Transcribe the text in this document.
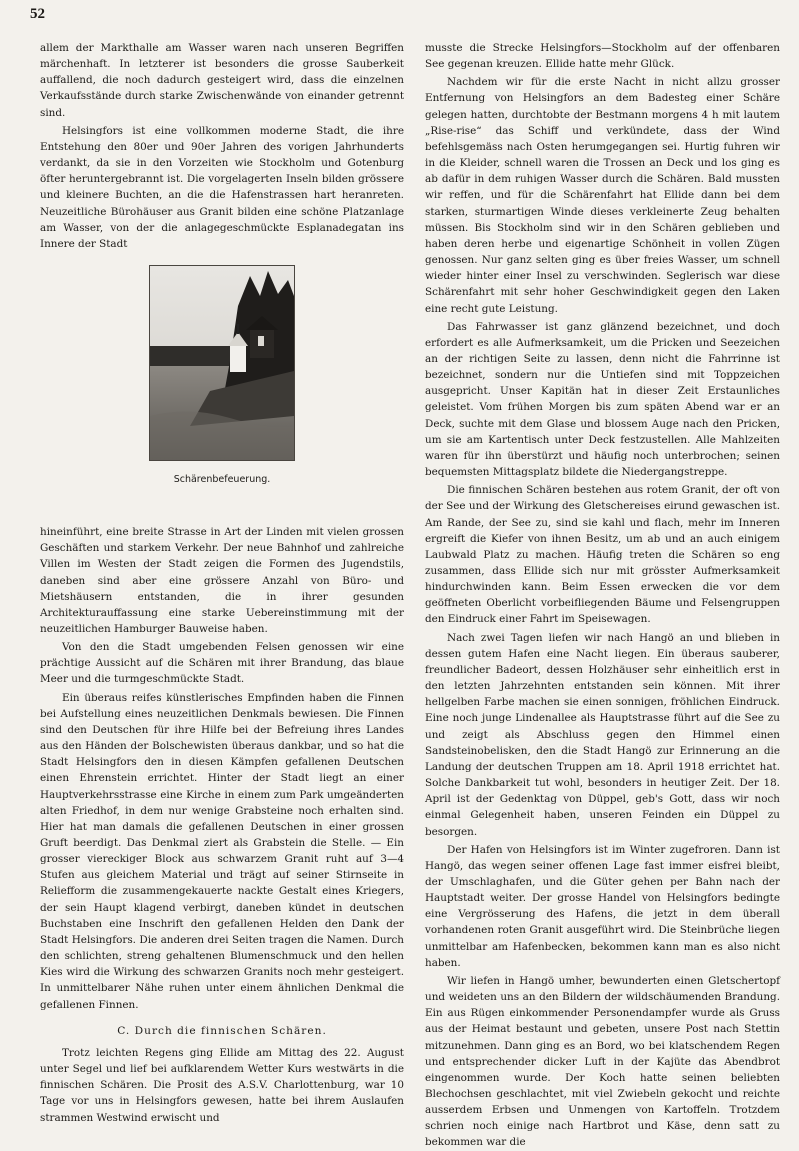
52

allem der Markthalle am Wasser waren nach unseren Begriffen märchenhaft. In letzterer ist besonders die grosse Sauberkeit auffallend, die noch dadurch gesteigert wird, dass die einzelnen Verkaufsstände durch starke Zwischenwände von einander getrennt sind.

Helsingfors ist eine vollkommen moderne Stadt, die ihre Entstehung den 80er und 90er Jahren des vorigen Jahrhunderts verdankt, da sie in den Vorzeiten wie Stockholm und Gotenburg öfter heruntergebrannt ist. Die vorgelagerten Inseln bilden grössere und kleinere Buchten, an die die Hafenstrassen hart heranreten. Neuzeitliche Bürohäuser aus Granit bilden eine schöne Platzanlage am Wasser, von der die anlagegeschmückte Esplanadegatan ins Innere der Stadt

Schärenbefeuerung.

hineinführt, eine breite Strasse in Art der Linden mit vielen grossen Geschäften und starkem Verkehr. Der neue Bahnhof und zahlreiche Villen im Westen der Stadt zeigen die Formen des Jugendstils, daneben sind aber eine grössere Anzahl von Büro- und Mietshäusern entstanden, die in ihrer gesunden Architekturauffassung eine starke Uebereinstimmung mit der neuzeitlichen Hamburger Bauweise haben.

Von den die Stadt umgebenden Felsen genossen wir eine prächtige Aussicht auf die Schären mit ihrer Brandung, das blaue Meer und die turmgeschmückte Stadt.

Ein überaus reifes künstlerisches Empfinden haben die Finnen bei Aufstellung eines neuzeitlichen Denkmals bewiesen. Die Finnen sind den Deutschen für ihre Hilfe bei der Befreiung ihres Landes aus den Händen der Bolschewisten überaus dankbar, und so hat die Stadt Helsingfors den in diesen Kämpfen gefallenen Deutschen einen Ehrenstein errichtet. Hinter der Stadt liegt an einer Hauptverkehrsstrasse eine Kirche in einem zum Park umgeänderten alten Friedhof, in dem nur wenige Grabsteine noch erhalten sind. Hier hat man damals die gefallenen Deutschen in einer grossen Gruft beerdigt. Das Denkmal ziert als Grabstein die Stelle. — Ein grosser viereckiger Block aus schwarzem Granit ruht auf 3—4 Stufen aus gleichem Material und trägt auf seiner Stirnseite in Reliefform die zusammengekauerte nackte Gestalt eines Kriegers, der sein Haupt klagend verbirgt, daneben kündet in deutschen Buchstaben eine Inschrift den gefallenen Helden den Dank der Stadt Helsingfors. Die anderen drei Seiten tragen die Namen. Durch den schlichten, streng gehaltenen Blumenschmuck und den hellen Kies wird die Wirkung des schwarzen Granits noch mehr gesteigert. In unmittelbarer Nähe ruhen unter einem ähnlichen Denkmal die gefallenen Finnen.

C. Durch die finnischen Schären.

Trotz leichten Regens ging Ellide am Mittag des 22. August unter Segel und lief bei aufklarendem Wetter Kurs westwärts in die finnischen Schären. Die Prosit des A.S.V. Charlottenburg, war 10 Tage vor uns in Helsingfors gewesen, hatte bei ihrem Auslaufen strammen Westwind erwischt und

musste die Strecke Helsingfors—Stockholm auf der offenbaren See gegenan kreuzen. Ellide hatte mehr Glück.

Nachdem wir für die erste Nacht in nicht allzu grosser Entfernung von Helsingfors an dem Badesteg einer Schäre gelegen hatten, durchtobte der Bestmann morgens 4 h mit lautem „Rise-rise“ das Schiff und verkündete, dass der Wind befehlsgemäss nach Osten herumgegangen sei. Hurtig fuhren wir in die Kleider, schnell waren die Trossen an Deck und los ging es ab dafür in dem ruhigen Wasser durch die Schären. Bald mussten wir reffen, und für die Schärenfahrt hat Ellide dann bei dem starken, sturmartigen Winde dieses verkleinerte Zeug behalten müssen. Bis Stockholm sind wir in den Schären geblieben und haben deren herbe und eigenartige Schönheit in vollen Zügen genossen. Nur ganz selten ging es über freies Wasser, um schnell wieder hinter einer Insel zu verschwinden. Seglerisch war diese Schärenfahrt mit sehr hoher Geschwindigkeit gegen den Laken eine recht gute Leistung.

Das Fahrwasser ist ganz glänzend bezeichnet, und doch erfordert es alle Aufmerksamkeit, um die Pricken und Seezeichen an der richtigen Seite zu lassen, denn nicht die Fahrrinne ist bezeichnet, sondern nur die Untiefen sind mit Toppzeichen ausgepricht. Unser Kapitän hat in dieser Zeit Erstaunliches geleistet. Vom frühen Morgen bis zum späten Abend war er an Deck, suchte mit dem Glase und blossem Auge nach den Pricken, um sie am Kartentisch unter Deck festzustellen. Alle Mahlzeiten waren für ihn überstürzt und häufig noch unterbrochen; seinen bequemsten Mittagsplatz bildete die Niedergangstreppe.

Die finnischen Schären bestehen aus rotem Granit, der oft von der See und der Wirkung des Gletschereises eirund gewaschen ist. Am Rande, der See zu, sind sie kahl und flach, mehr im Inneren ergreift die Kiefer von ihnen Besitz, um ab und an auch einigem Laubwald Platz zu machen. Häufig treten die Schären so eng zusammen, dass Ellide sich nur mit grösster Aufmerksamkeit hindurchwinden kann. Beim Essen erwecken die vor dem geöffneten Oberlicht vorbeifliegenden Bäume und Felsengruppen den Eindruck einer Fahrt im Speisewagen.

Nach zwei Tagen liefen wir nach Hangö an und blieben in dessen gutem Hafen eine Nacht liegen. Ein überaus sauberer, freundlicher Badeort, dessen Holzhäuser sehr einheitlich erst in den letzten Jahrzehnten entstanden sein können. Mit ihrer hellgelben Farbe machen sie einen sonnigen, fröhlichen Eindruck. Eine noch junge Lindenallee als Hauptstrasse führt auf die See zu und zeigt als Abschluss gegen den Himmel einen Sandsteinobelisken, den die Stadt Hangö zur Erinnerung an die Landung der deutschen Truppen am 18. April 1918 errichtet hat. Solche Dankbarkeit tut wohl, besonders in heutiger Zeit. Der 18. April ist der Gedenktag von Düppel, geb's Gott, dass wir noch einmal Gelegenheit haben, unseren Feinden ein Düppel zu besorgen.

Der Hafen von Helsingfors ist im Winter zugefroren. Dann ist Hangö, das wegen seiner offenen Lage fast immer eisfrei bleibt, der Umschlaghafen, und die Güter gehen per Bahn nach der Hauptstadt weiter. Der grosse Handel von Helsingfors bedingte eine Vergrösserung des Hafens, die jetzt in dem überall vorhandenen roten Granit ausgeführt wird. Die Steinbrüche liegen unmittelbar am Hafenbecken, bekommen kann man es also nicht haben.

Wir liefen in Hangö umher, bewunderten einen Gletschertopf und weideten uns an den Bildern der wildschäumenden Brandung. Ein aus Rügen einkommender Personendampfer wurde als Gruss aus der Heimat bestaunt und gebeten, unsere Post nach Stettin mitzunehmen. Dann ging es an Bord, wo bei klatschendem Regen und entsprechender dicker Luft in der Kajüte das Abendbrot eingenommen wurde. Der Koch hatte seinen beliebten Blechochsen geschlachtet, mit viel Zwiebeln gekocht und reichte ausserdem Erbsen und Unmengen von Kartoffeln. Trotzdem schrien noch einige nach Hartbrot und Käse, denn satt zu bekommen war die
